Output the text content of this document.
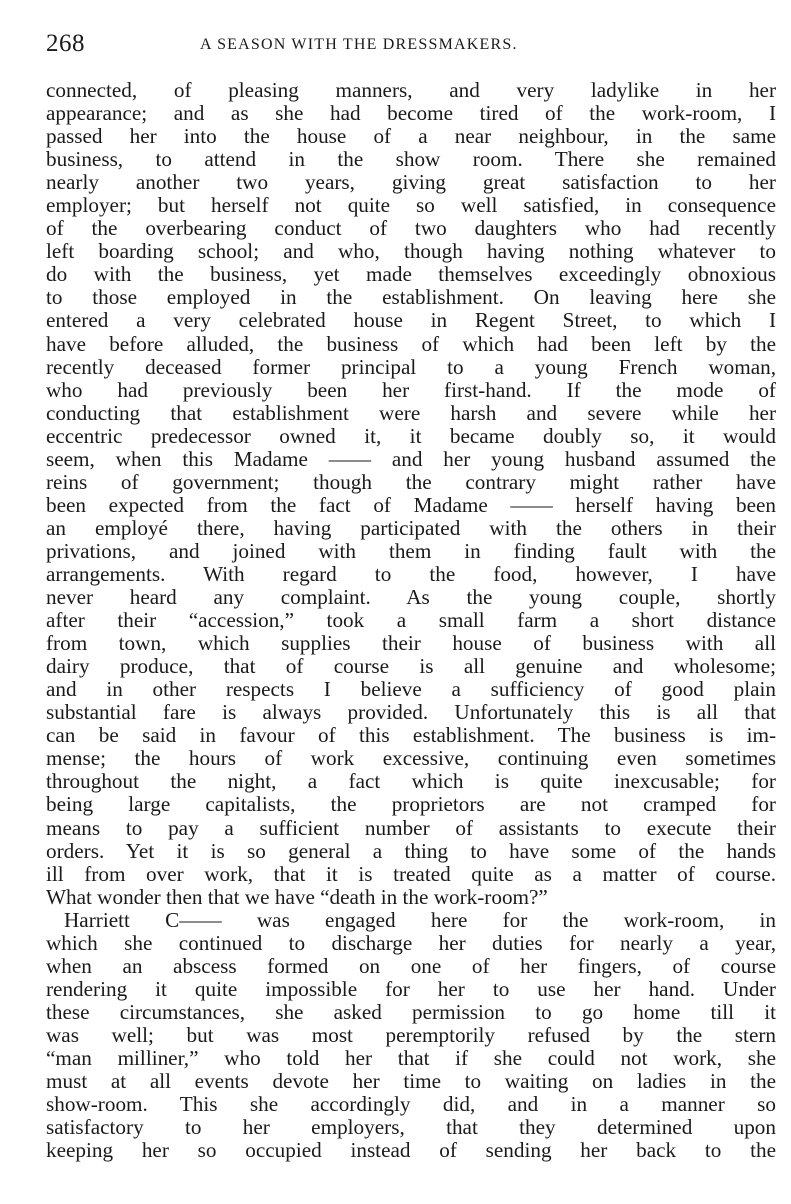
268	A SEASON WITH THE DRESSMAKERS.
connected, of pleasing manners, and very ladylike in her
appearance; and as she had become tired of the work-room, I
passed her into the house of a near neighbour, in the same
business, to attend in the show room. There she remained
nearly another two years, giving great satisfaction to her
employer; but herself not quite so well satisfied, in consequence
of the overbearing conduct of two daughters who had recently
left boarding school; and who, though having nothing whatever to
do with the business, yet made themselves exceedingly obnoxious
to those employed in the establishment. On leaving here she
entered a very celebrated house in Regent Street, to which I
have before alluded, the business of which had been left by the
recently deceased former principal to a young French woman,
who had previously been her first-hand. If the mode of
conducting that establishment were harsh and severe while her
eccentric predecessor owned it, it became doubly so, it would
seem, when this Madame —— and her young husband assumed the
reins of government; though the contrary might rather have
been expected from the fact of Madame —— herself having been
an employé there, having participated with the others in their
privations, and joined with them in finding fault with the
arrangements. With regard to the food, however, I have
never heard any complaint. As the young couple, shortly
after their “accession,” took a small farm a short distance
from town, which supplies their house of business with all
dairy produce, that of course is all genuine and wholesome;
and in other respects I believe a sufficiency of good plain
substantial fare is always provided. Unfortunately this is all that
can be said in favour of this establishment. The business is im-
mense; the hours of work excessive, continuing even sometimes
throughout the night, a fact which is quite inexcusable; for
being large capitalists, the proprietors are not cramped for
means to pay a sufficient number of assistants to execute their
orders. Yet it is so general a thing to have some of the hands
ill from over work, that it is treated quite as a matter of course.
What wonder then that we have “death in the work-room?”
Harriett C—— was engaged here for the work-room, in
which she continued to discharge her duties for nearly a year,
when an abscess formed on one of her fingers, of course
rendering it quite impossible for her to use her hand. Under
these circumstances, she asked permission to go home till it
was well; but was most peremptorily refused by the stern
“man milliner,” who told her that if she could not work, she
must at all events devote her time to waiting on ladies in the
show-room. This she accordingly did, and in a manner so
satisfactory to her employers, that they determined upon
keeping her so occupied instead of sending her back to the
